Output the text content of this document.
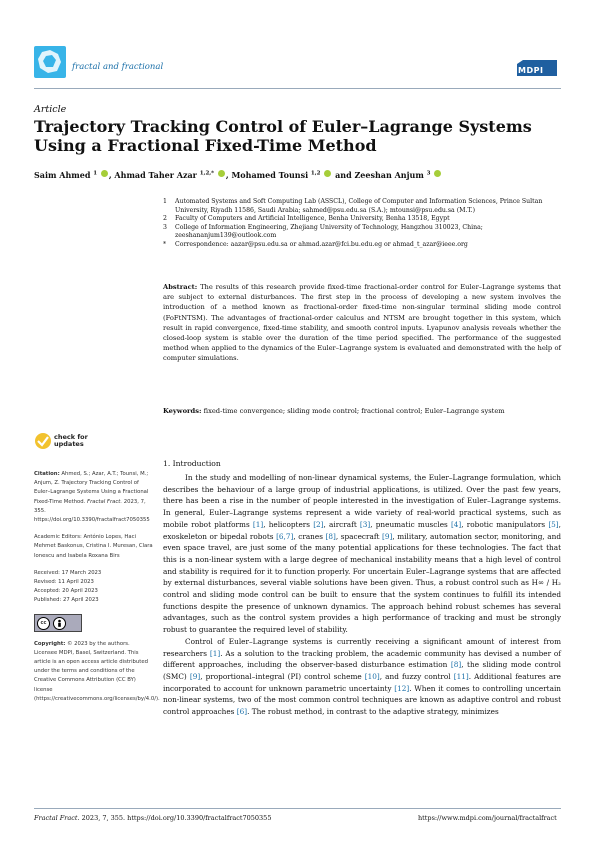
fractal and fractional	MDPI
Article
Trajectory Tracking Control of Euler–Lagrange Systems Using a Fractional Fixed-Time Method
Saim Ahmed $^1$ , Ahmad Taher Azar $^{1,2,*}$ , Mohamed Tounsi $^{1,2}$  and Zeeshan Anjum $^3$
1	Automated Systems and Soft Computing Lab (ASSCL), College of Computer and Information Sciences, Prince Sultan University, Riyadh 11586, Saudi Arabia; sahmed@psu.edu.sa (S.A.); mtounsi@psu.edu.sa (M.T.)
2	Faculty of Computers and Artificial Intelligence, Benha University, Benha 13518, Egypt
3	College of Information Engineering, Zhejiang University of Technology, Hangzhou 310023, China; zeeshananjum139@outlook.com
*	Correspondence: aazar@psu.edu.sa or ahmad.azar@fci.bu.edu.eg or ahmad_t_azar@ieee.org
Abstract: The results of this research provide fixed-time fractional-order control for Euler–Lagrange systems that are subject to external disturbances. The first step in the process of developing a new system involves the introduction of a method known as fractional-order fixed-time non-singular terminal sliding mode control (FoFtNTSM). The advantages of fractional-order calculus and NTSM are brought together in this system, which result in rapid convergence, fixed-time stability, and smooth control inputs. Lyapunov analysis reveals whether the closed-loop system is stable over the duration of the time period specified. The performance of the suggested method when applied to the dynamics of the Euler–Lagrange system is evaluated and demonstrated with the help of computer simulations.
Keywords: fixed-time convergence; sliding mode control; fractional control; Euler–Lagrange system
check for
updates
Citation: Ahmed, S.; Azar, A.T.; Tounsi, M.; Anjum, Z. Trajectory Tracking Control of Euler–Lagrange Systems Using a Fractional Fixed-Time Method. Fractal Fract. 2023, 7, 355. https://doi.org/10.3390/fractalfract7050355
Academic Editors: António Lopes, Haci Mehmet Baskonus, Cristina I. Muresan, Clara Ionescu and Isabela Roxana Birs
Received: 17 March 2023
Revised: 11 April 2023
Accepted: 20 April 2023
Published: 27 April 2023
cc
Copyright: © 2023 by the authors. Licensee MDPI, Basel, Switzerland. This article is an open access article distributed under the terms and conditions of the Creative Commons Attribution (CC BY) license (https://creativecommons.org/licenses/by/4.0/).
1. Introduction

In the study and modelling of non-linear dynamical systems, the Euler–Lagrange formulation, which describes the behaviour of a large group of industrial applications, is utilized. Over the past few years, there has been a rise in the number of people interested in the investigation of Euler–Lagrange systems. In general, Euler–Lagrange systems represent a wide variety of real-world practical systems, such as mobile robot platforms [1], helicopters [2], aircraft [3], pneumatic muscles [4], robotic manipulators [5], exoskeleton or bipedal robots [6,7], cranes [8], spacecraft [9], military, automation sector, monitoring, and even space travel, are just some of the many potential applications for these technologies. The fact that this is a non-linear system with a large degree of mechanical instability means that a high level of control and stability is required for it to function properly. For uncertain Euler–Lagrange systems that are affected by external disturbances, several viable solutions have been given. Thus, a robust control such as H∞ / H₂ control and sliding mode control can be built to ensure that the system continues to fulfill its intended functions despite the presence of unknown dynamics. The approach behind robust schemes has several advantages, such as the control system provides a high performance of tracking and must be strongly robust to guarantee the required level of stability.

Control of Euler–Lagrange systems is currently receiving a significant amount of interest from researchers [1]. As a solution to the tracking problem, the academic community has devised a number of different approaches, including the observer-based disturbance estimation [8], the sliding mode control (SMC) [9], proportional–integral (PI) control scheme [10], and fuzzy control [11]. Additional features are incorporated to account for unknown parametric uncertainty [12]. When it comes to controlling uncertain non-linear systems, two of the most common control techniques are known as adaptive control and robust control approaches [6]. The robust method, in contrast to the adaptive strategy, minimizes

Fractal Fract. 2023, 7, 355. https://doi.org/10.3390/fractalfract7050355	https://www.mdpi.com/journal/fractalfract
